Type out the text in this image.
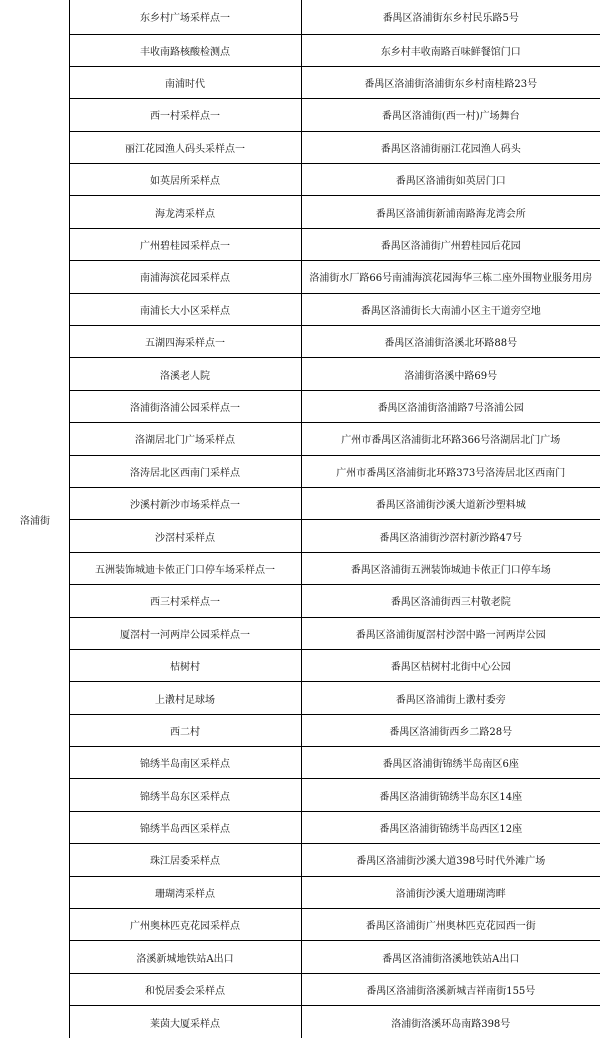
洛浦街	东乡村广场采样点一	番禺区洛浦街东乡村民乐路5号
	丰收南路核酸检测点	东乡村丰收南路百味鲜餐馆门口
	南浦时代	番禺区洛浦街洛浦街东乡村南桂路23号
	西一村采样点一	番禺区洛浦街(西一村)广场舞台
	丽江花园渔人码头采样点一	番禺区洛浦街丽江花园渔人码头
	如英居所采样点	番禺区洛浦街如英居门口
	海龙湾采样点	番禺区洛浦街新浦南路海龙湾会所
	广州碧桂园采样点一	番禺区洛浦街广州碧桂园后花园
	南浦海滨花园采样点	洛浦街水厂路66号南浦海滨花园海华三栋二座外围物业服务用房
	南浦长大小区采样点	番禺区洛浦街长大南浦小区主干道旁空地
	五湖四海采样点一	番禺区洛浦街洛溪北环路88号
	洛溪老人院	洛浦街洛溪中路69号
	洛浦街洛浦公园采样点一	番禺区洛浦街洛浦路7号洛浦公园
	洛湖居北门广场采样点	广州市番禺区洛浦街北环路366号洛湖居北门广场
	洛涛居北区西南门采样点	广州市番禺区洛浦街北环路373号洛涛居北区西南门
	沙溪村新沙市场采样点一	番禺区洛浦街沙溪大道新沙塑料城
	沙滘村采样点	番禺区洛浦街沙滘村新沙路47号
	五洲装饰城迪卡侬正门口停车场采样点一	番禺区洛浦街五洲装饰城迪卡侬正门口停车场
	西三村采样点一	番禺区洛浦街西三村敬老院
	厦滘村一河两岸公园采样点一	番禺区洛浦街厦滘村沙滘中路一河两岸公园
	桔树村	番禺区桔树村北街中心公园
	上漖村足球场	番禺区洛浦街上漖村委旁
	西二村	番禺区洛浦街西乡二路28号
	锦绣半岛南区采样点	番禺区洛浦街锦绣半岛南区6座
	锦绣半岛东区采样点	番禺区洛浦街锦绣半岛东区14座
	锦绣半岛西区采样点	番禺区洛浦街锦绣半岛西区12座
	珠江居委采样点	番禺区洛浦街沙溪大道398号时代外滩广场
	珊瑚湾采样点	洛浦街沙溪大道珊瑚湾畔
	广州奥林匹克花园采样点	番禺区洛浦街广州奥林匹克花园西一街
	洛溪新城地铁站A出口	番禺区洛浦街洛溪地铁站A出口
	和悦居委会采样点	番禺区洛浦街洛溪新城吉祥南街155号
	莱茵大厦采样点	洛浦街洛溪环岛南路398号
